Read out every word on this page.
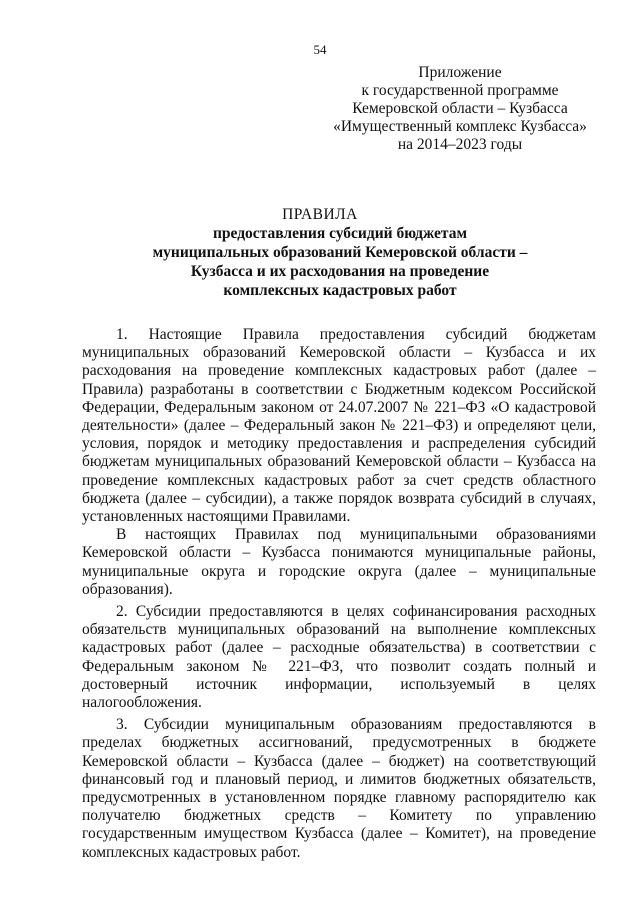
54
Приложение
к государственной программе
Кемеровской области – Кузбасса
«Имущественный комплекс Кузбасса»
на 2014–2023 годы
ПРАВИЛА
предоставления субсидий бюджетам
муниципальных образований Кемеровской области –
Кузбасса и их расходования на проведение
комплексных кадастровых работ

1. Настоящие Правила предоставления субсидий бюджетам муниципальных образований Кемеровской области – Кузбасса и их расходования на проведение комплексных кадастровых работ (далее – Правила) разработаны в соответствии с Бюджетным кодексом Российской Федерации, Федеральным законом от 24.07.2007 № 221–ФЗ «О кадастровой деятельности» (далее – Федеральный закон № 221–ФЗ) и определяют цели, условия, порядок и методику предоставления и распределения субсидий бюджетам муниципальных образований Кемеровской области – Кузбасса на проведение комплексных кадастровых работ за счет средств областного бюджета (далее – субсидии), а также порядок возврата субсидий в случаях, установленных настоящими Правилами.

В настоящих Правилах под муниципальными образованиями Кемеровской области – Кузбасса понимаются муниципальные районы, муниципальные округа и городские округа (далее – муниципальные образования).

2. Субсидии предоставляются в целях софинансирования расходных обязательств муниципальных образований на выполнение комплексных кадастровых работ (далее – расходные обязательства) в соответствии с Федеральным законом № 221–ФЗ, что позволит создать полный и достоверный источник информации, используемый в целях налогообложения.

3. Субсидии муниципальным образованиям предоставляются в пределах бюджетных ассигнований, предусмотренных в бюджете Кемеровской области – Кузбасса (далее – бюджет) на соответствующий финансовый год и плановый период, и лимитов бюджетных обязательств, предусмотренных в установленном порядке главному распорядителю как получателю бюджетных средств – Комитету по управлению государственным имуществом Кузбасса (далее – Комитет), на проведение комплексных кадастровых работ.
